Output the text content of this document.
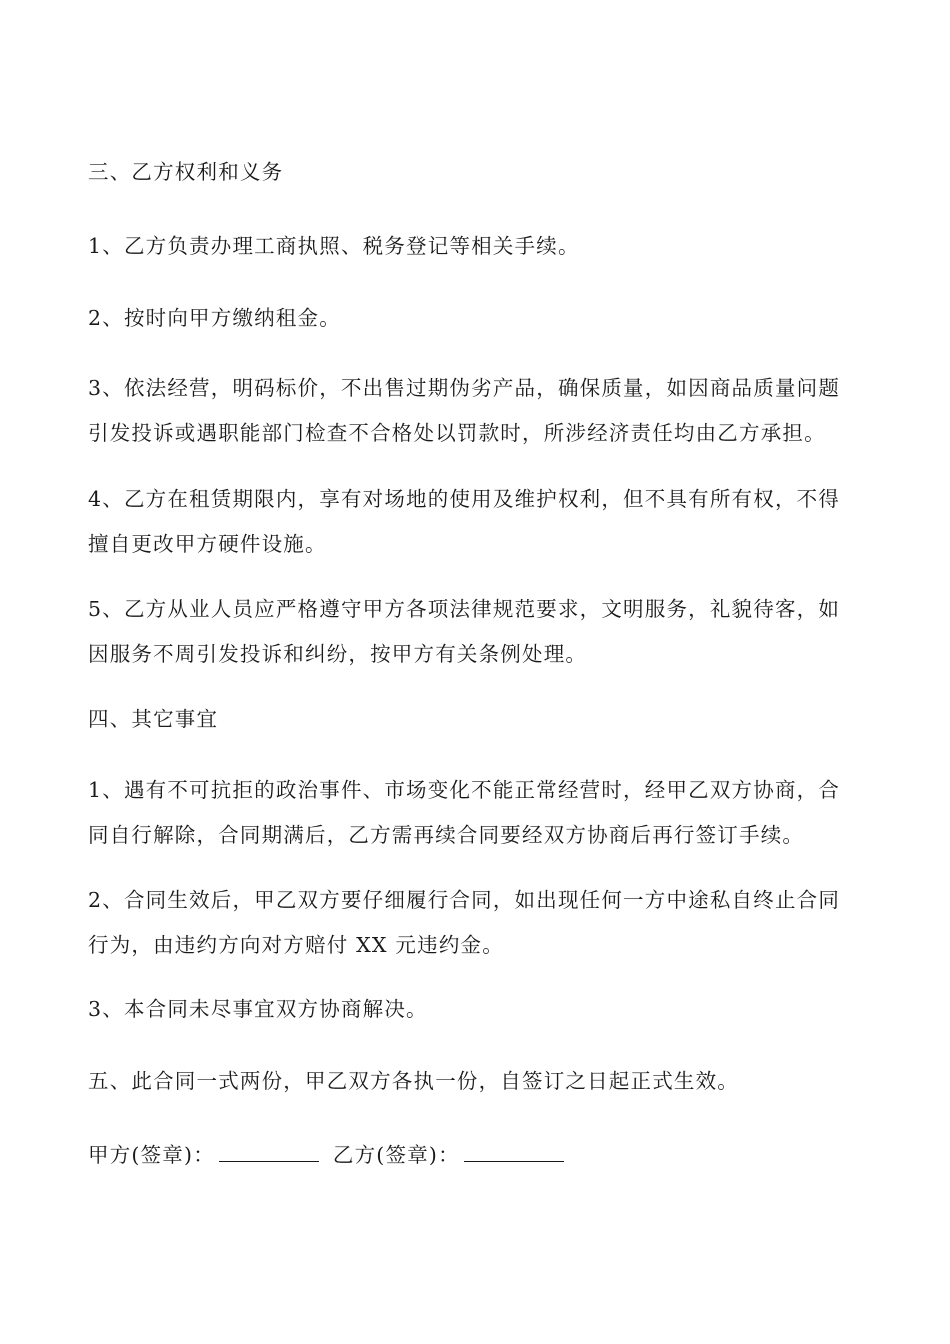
三、乙方权利和义务
1、乙方负责办理工商执照、税务登记等相关手续。
2、按时向甲方缴纳租金。
3、依法经营，明码标价，不出售过期伪劣产品，确保质量，如因商品质量问题
引发投诉或遇职能部门检查不合格处以罚款时，所涉经济责任均由乙方承担。
4、乙方在租赁期限内，享有对场地的使用及维护权利，但不具有所有权，不得
擅自更改甲方硬件设施。
5、乙方从业人员应严格遵守甲方各项法律规范要求，文明服务，礼貌待客，如
因服务不周引发投诉和纠纷，按甲方有关条例处理。
四、其它事宜
1、遇有不可抗拒的政治事件、市场变化不能正常经营时，经甲乙双方协商，合
同自行解除，合同期满后，乙方需再续合同要经双方协商后再行签订手续。
2、合同生效后，甲乙双方要仔细履行合同，如出现任何一方中途私自终止合同
行为，由违约方向对方赔付 XX 元违约金。
3、本合同未尽事宜双方协商解决。
五、此合同一式两份，甲乙双方各执一份，自签订之日起正式生效。
甲方(签章)：	乙方(签章)：
